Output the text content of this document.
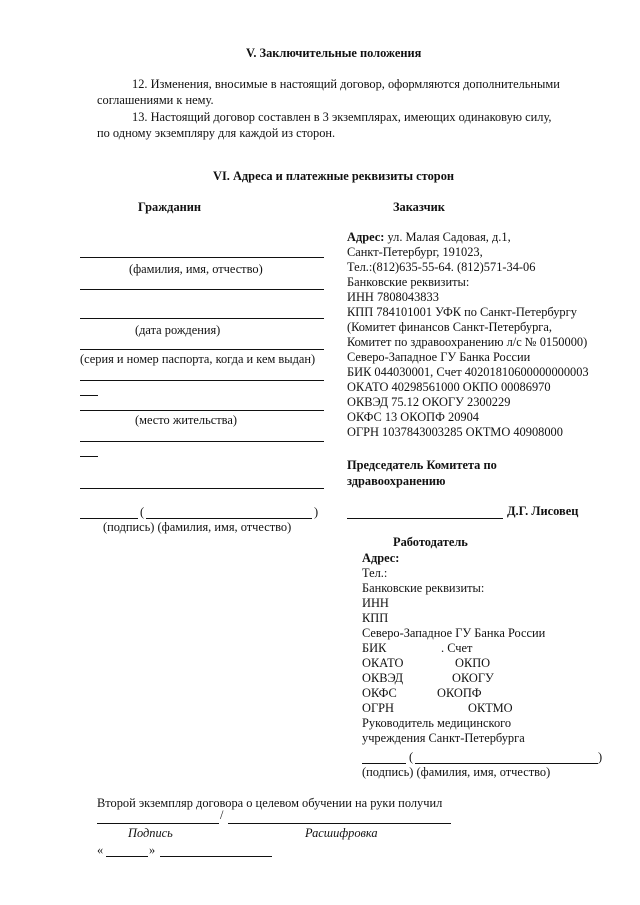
V. Заключительные положения
12. Изменения, вносимые в настоящий договор, оформляются дополнительными
соглашениями к нему.
13. Настоящий договор составлен в 3 экземплярах, имеющих одинаковую силу,
по одному экземпляру для каждой из сторон.
VI. Адреса и платежные реквизиты сторон
Гражданин
(фамилия, имя, отчество)
(дата рождения)
(серия и номер паспорта, когда и кем выдан)
(место жительства)
(	)
(подпись) (фамилия, имя, отчество)
Заказчик
Адрес: ул. Малая Садовая, д.1,
Санкт-Петербург, 191023,
Тел.:(812)635-55-64. (812)571-34-06
Банковские реквизиты:
ИНН 7808043833
КПП 784101001 УФК по Санкт-Петербургу
(Комитет финансов Санкт-Петербурга,
Комитет по здравоохранению л/с № 0150000)
Северо-Западное ГУ Банка России
БИК 044030001, Счет 40201810600000000003
ОКАТО 40298561000 ОКПО 00086970
ОКВЭД 75.12 ОКОГУ 2300229
ОКФС 13 ОКОПФ 20904
ОГРН 1037843003285 ОКТМО 40908000
Председатель Комитета по
здравоохранению
Д.Г. Лисовец
Работодатель
Адрес:
Тел.:
Банковские реквизиты:
ИНН
КПП
Северо-Западное ГУ Банка России
БИК	. Счет
ОКАТО	ОКПО
ОКВЭД	ОКОГУ
ОКФС	ОКОПФ
ОГРН	ОКТМО
Руководитель медицинского
учреждения Санкт-Петербурга
(	)
(подпись) (фамилия, имя, отчество)
Второй экземпляр договора о целевом обучении на руки получил
/
Подпись	Расшифровка
«	»
